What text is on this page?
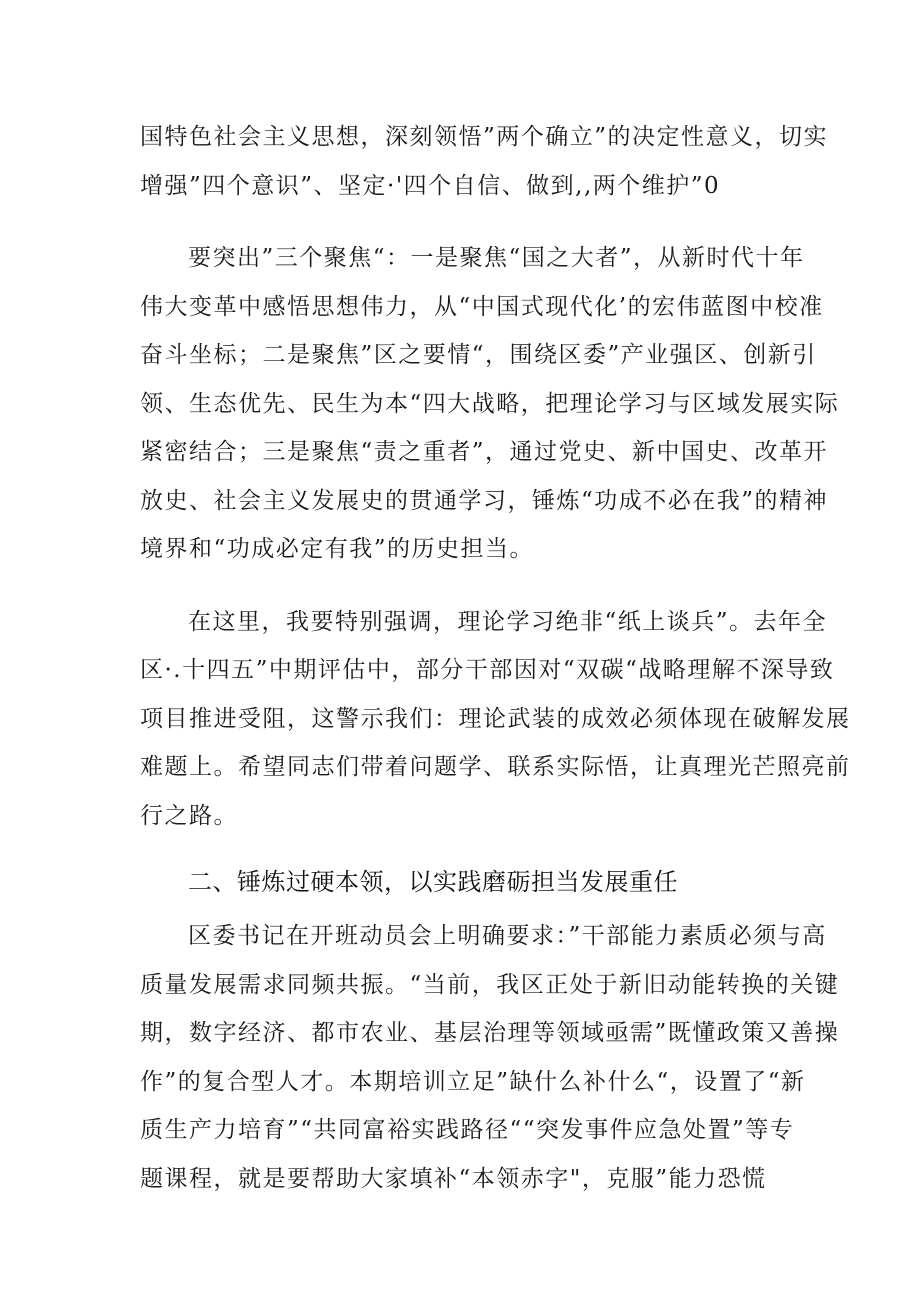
国特色社会主义思想，深刻领悟”两个确立”的决定性意义，切实
增强”四个意识”、坚定·'四个自信、做到,,两个维护”0
要突出”三个聚焦“：一是聚焦“国之大者”，从新时代十年
伟大变革中感悟思想伟力，从“中国式现代化’的宏伟蓝图中校准
奋斗坐标；二是聚焦”区之要情“，围绕区委”产业强区、创新引
领、生态优先、民生为本“四大战略，把理论学习与区域发展实际
紧密结合；三是聚焦“责之重者”，通过党史、新中国史、改革开
放史、社会主义发展史的贯通学习，锤炼“功成不必在我”的精神
境界和“功成必定有我”的历史担当。
在这里，我要特别强调，理论学习绝非“纸上谈兵”。去年全
区·.十四五”中期评估中，部分干部因对“双碳“战略理解不深导致
项目推进受阻，这警示我们：理论武装的成效必须体现在破解发展
难题上。希望同志们带着问题学、联系实际悟，让真理光芒照亮前
行之路。
二、锤炼过硬本领，以实践磨砺担当发展重任
区委书记在开班动员会上明确要求：”干部能力素质必须与高
质量发展需求同频共振。“当前，我区正处于新旧动能转换的关键
期，数字经济、都市农业、基层治理等领域亟需”既懂政策又善操
作”的复合型人才。本期培训立足”缺什么补什么“，设置了“新
质生产力培育”“共同富裕实践路径““突发事件应急处置”等专
题课程，就是要帮助大家填补“本领赤字"，克服”能力恐慌
